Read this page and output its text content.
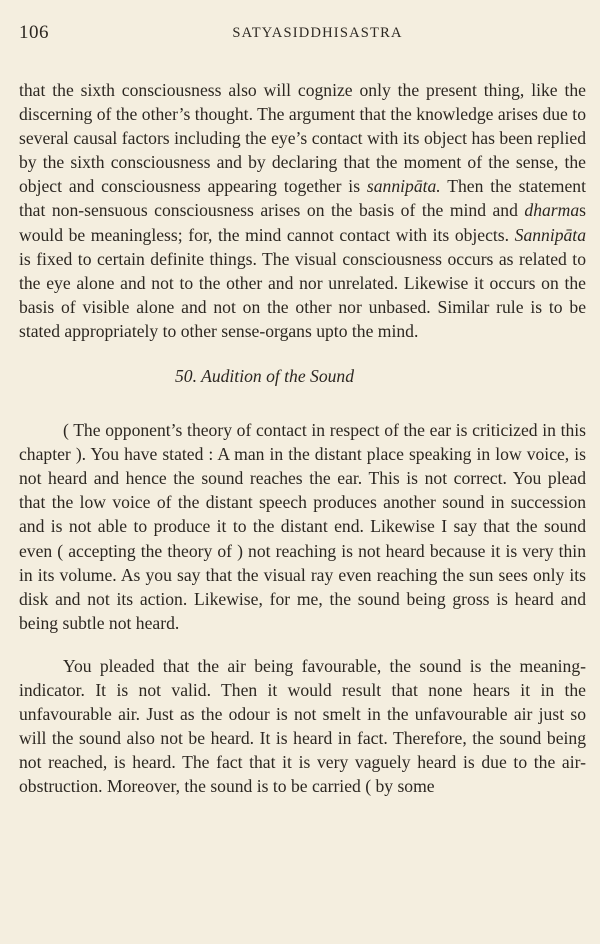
106	SATYASIDDHISASTRA

that the sixth consciousness also will cognize only the present thing, like the discerning of the other’s thought. The argument that the knowledge arises due to several causal factors including the eye’s contact with its object has been replied by the sixth consciousness and by declaring that the moment of the sense, the object and consciousness appearing together is sannipāta. Then the statement that non-sensuous consciousness arises on the basis of the mind and dharmas would be meaningless; for, the mind cannot contact with its objects. Sannipāta is fixed to certain definite things. The visual consciousness occurs as related to the eye alone and not to the other and nor unrelated. Likewise it occurs on the basis of visible alone and not on the other nor unbased. Similar rule is to be stated appropriately to other sense-organs upto the mind.

50. Audition of the Sound

( The opponent’s theory of contact in respect of the ear is criticized in this chapter ). You have stated : A man in the distant place speaking in low voice, is not heard and hence the sound reaches the ear. This is not correct. You plead that the low voice of the distant speech produces another sound in succession and is not able to produce it to the distant end. Likewise I say that the sound even ( accepting the theory of ) not reaching is not heard because it is very thin in its volume. As you say that the visual ray even reaching the sun sees only its disk and not its action. Likewise, for me, the sound being gross is heard and being subtle not heard.

You pleaded that the air being favourable, the sound is the meaning-indicator. It is not valid. Then it would result that none hears it in the unfavourable air. Just as the odour is not smelt in the unfavourable air just so will the sound also not be heard. It is heard in fact. Therefore, the sound being not reached, is heard. The fact that it is very vaguely heard is due to the air-obstruction. Moreover, the sound is to be carried ( by some
